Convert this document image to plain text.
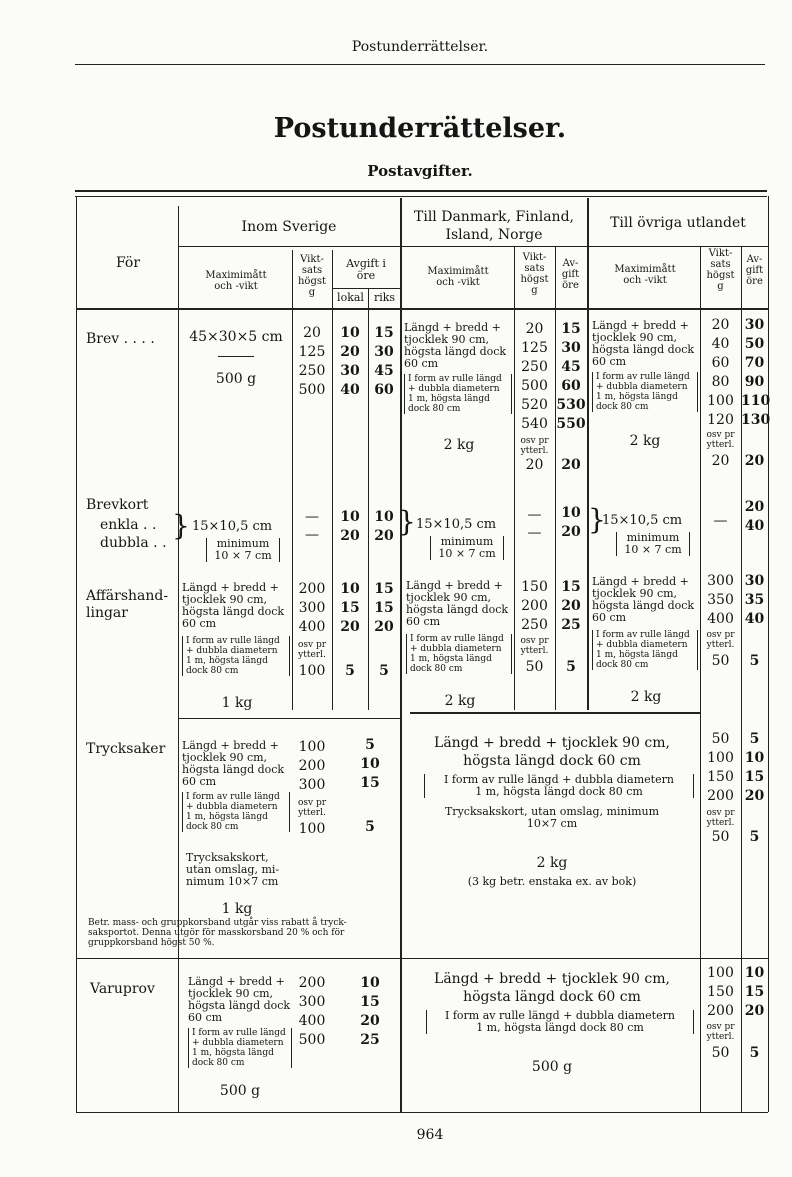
Postunderrättelser.
Postunderrättelser.
Postavgifter.
För
Inom Sverige
Till Danmark, Finland,
Island, Norge
Till övriga utlandet
Maximimått
och -vikt
Vikt-
sats
högst
g
Avgift i
öre
lokal riks
Maximimått
och -vikt
Vikt-
sats
högst
g
Av-
gift
öre
Maximimått
och -vikt
Vikt-
sats
högst
g
Av-
gift
öre
Brev . . . .	45×30×5 cm
500 g
20
125
250
500
10
20
30
40
15
30
45
60
Längd + bredd +
tjocklek 90 cm,
högsta längd dock
60 cm
I form av rulle längd
+ dubbla diametern
1 m, högsta längd
dock 80 cm
2 kg
20
125
250
500
520
540
osv pr
ytterl.
20
15
30
45
60
530
550
20
Längd + bredd +
tjocklek 90 cm,
högsta längd dock
60 cm
I form av rulle längd
+ dubbla diametern
1 m, högsta längd
dock 80 cm
2 kg
20
40
60
80
100
120
osv pr
ytterl.
20
30
50
70
90
110
130
20
Brevkort
enkla . .
dubbla . .
} 15×10,5 cm
minimum
10 × 7 cm
—
—
10
20
10
20 } 15×10,5 cm
minimum
10 × 7 cm
—
—
10
20 }
15×10,5 cm
minimum
10 × 7 cm
—
20
40
Affärshand-
lingar
Längd + bredd +
tjocklek 90 cm,
högsta längd dock
60 cm
I form av rulle längd
+ dubbla diametern
1 m, högsta längd
dock 80 cm
1 kg
200
300
400
osv pr
ytterl.
100
10
15
20
5
15
15
20
5
Längd + bredd +
tjocklek 90 cm,
högsta längd dock
60 cm
I form av rulle längd
+ dubbla diametern
1 m, högsta längd
dock 80 cm
2 kg
150
200
250
osv pr
ytterl.
50
15
20
25
5
Längd + bredd +
tjocklek 90 cm,
högsta längd dock
60 cm
I form av rulle längd
+ dubbla diametern
1 m, högsta längd
dock 80 cm
2 kg
300
350
400
osv pr
ytterl.
50
30
35
40
5
Trycksaker Längd + bredd +
tjocklek 90 cm,
högsta längd dock
60 cm
I form av rulle längd
+ dubbla diametern
1 m, högsta längd
dock 80 cm
Trycksakskort,
utan omslag, mi-
nimum 10×7 cm
1 kg
100
200
300
osv pr
ytterl.
100
5
10
15
5
Betr. mass- och gruppkorsband utgår viss rabatt å tryck-
saksportot. Denna utgör för masskorsband 20 % och för
gruppkorsband högst 50 %.
Längd + bredd + tjocklek 90 cm,
högsta längd dock 60 cm
I form av rulle längd + dubbla diametern
1 m, högsta längd dock 80 cm
Trycksakskort, utan omslag, minimum
10×7 cm
2 kg
(3 kg betr. enstaka ex. av bok)
50
100
150
200
osv pr
ytterl.
50
5
10
15
20
5
Varuprov	Längd + bredd +
tjocklek 90 cm,
högsta längd dock
60 cm
I form av rulle längd
+ dubbla diametern
1 m, högsta längd
dock 80 cm
500 g
200
300
400
500
10
15
20
25
Längd + bredd + tjocklek 90 cm,
högsta längd dock 60 cm
I form av rulle längd + dubbla diametern
1 m, högsta längd dock 80 cm
500 g
100
150
200
osv pr
ytterl.
50
10
15
20
5
964
